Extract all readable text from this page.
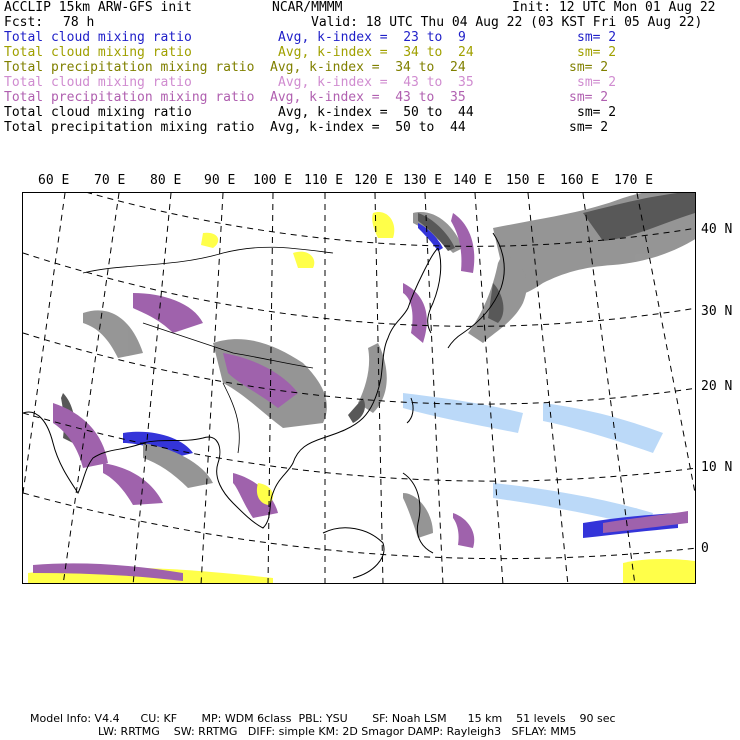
ACCLIP 15km ARW-GFS init	NCAR/MMMM	Init: 12 UTC Mon 01 Aug 22
Fcst: 78 h	Valid: 18 UTC Thu 04 Aug 22 (03 KST Fri 05 Aug 22)
Total cloud mixing ratio	Avg, k-index =  23 to  9	sm= 2
Total cloud mixing ratio	Avg, k-index =  34 to  24	sm= 2
Total precipitation mixing ratio Avg, k-index =  34 to  24	sm= 2
Total cloud mixing ratio	Avg, k-index =  43 to  35	sm= 2
Total precipitation mixing ratio Avg, k-index =  43 to  35	sm= 2
Total cloud mixing ratio	Avg, k-index =  50 to  44	sm= 2
Total precipitation mixing ratio Avg, k-index =  50 to  44	sm= 2
60 E 70 E 80 E 90 E 100 E 110 E 120 E 130 E 140 E 150 E 160 E 170 E
40 N
30 N
20 N
10 N
0
Model Info: V4.4      CU: KF       MP: WDM 6class  PBL: YSU       SF: Noah LSM      15 km    51 levels    90 sec
LW: RRTMG    SW: RRTMG   DIFF: simple KM: 2D Smagor DAMP: Rayleigh3   SFLAY: MM5
